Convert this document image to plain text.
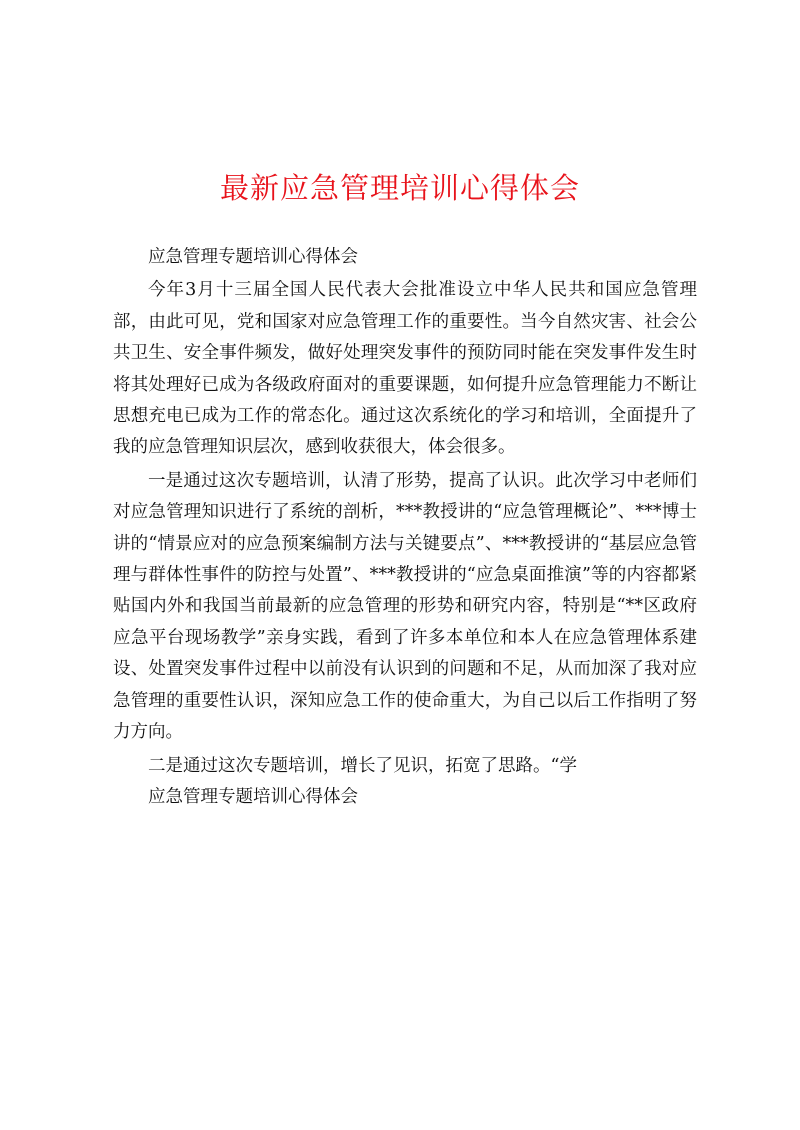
最新应急管理培训心得体会

应急管理专题培训心得体会

今年3月十三届全国人民代表大会批准设立中华人民共和国应急管理部，由此可见，党和国家对应急管理工作的重要性。当今自然灾害、社会公共卫生、安全事件频发，做好处理突发事件的预防同时能在突发事件发生时将其处理好已成为各级政府面对的重要课题，如何提升应急管理能力不断让思想充电已成为工作的常态化。通过这次系统化的学习和培训，全面提升了我的应急管理知识层次，感到收获很大，体会很多。

一是通过这次专题培训，认清了形势，提高了认识。此次学习中老师们对应急管理知识进行了系统的剖析，***教授讲的“应急管理概论”、***博士讲的“情景应对的应急预案编制方法与关键要点”、***教授讲的“基层应急管理与群体性事件的防控与处置”、***教授讲的“应急桌面推演”等的内容都紧贴国内外和我国当前最新的应急管理的形势和研究内容，特别是“**区政府应急平台现场教学”亲身实践，看到了许多本单位和本人在应急管理体系建设、处置突发事件过程中以前没有认识到的问题和不足，从而加深了我对应急管理的重要性认识，深知应急工作的使命重大，为自己以后工作指明了努力方向。

二是通过这次专题培训，增长了见识，拓宽了思路。“学

应急管理专题培训心得体会
